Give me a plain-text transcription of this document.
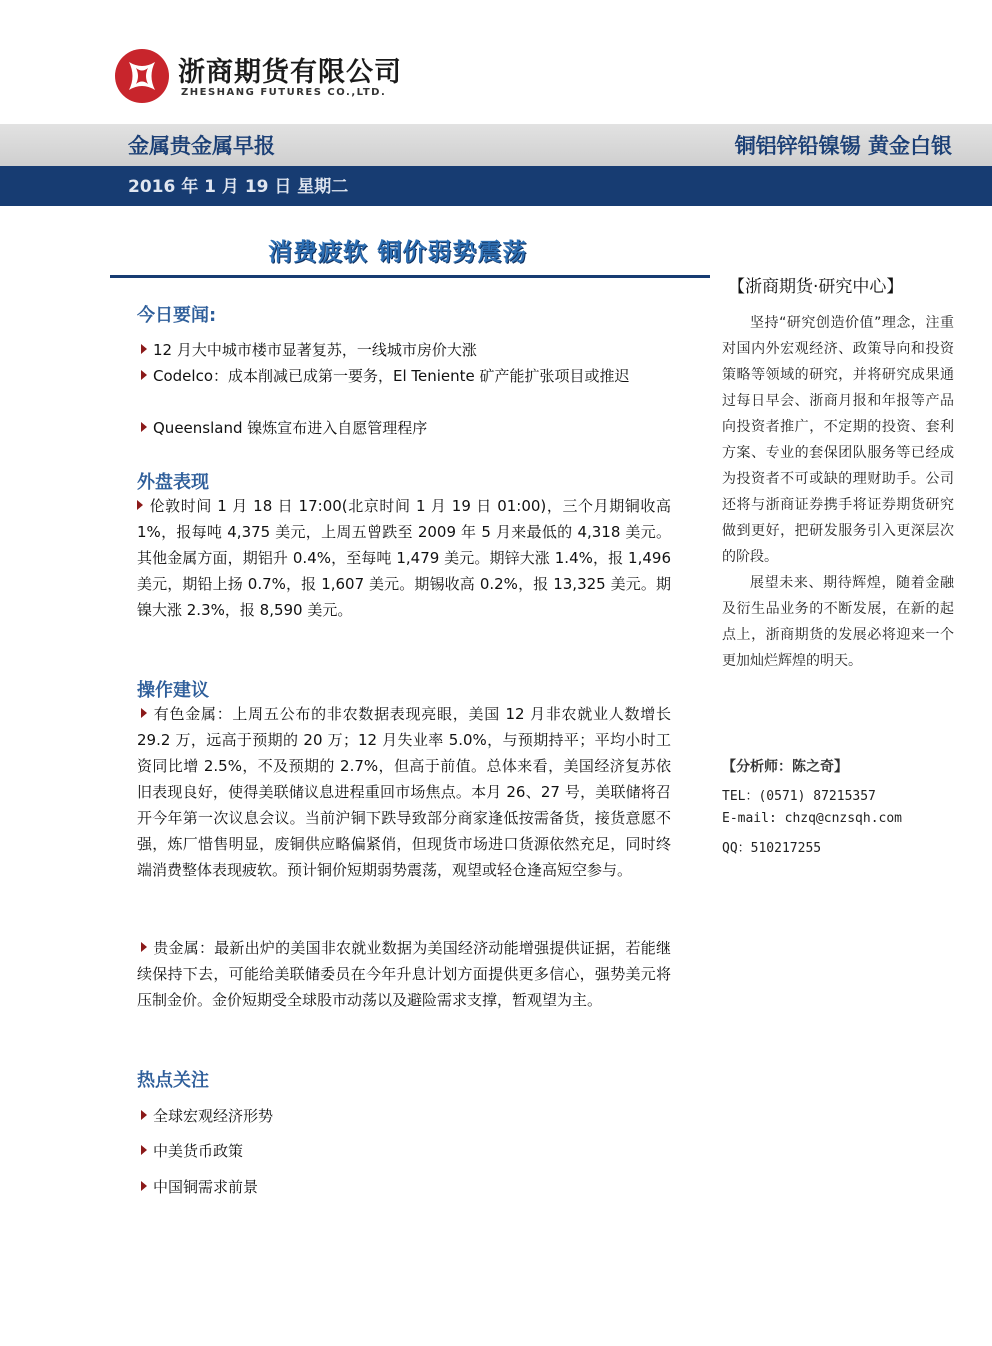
浙商期货有限公司
ZHESHANG FUTURES CO.,LTD.
金属贵金属早报	铜铝锌铅镍锡 黄金白银
2016 年 1 月 19 日 星期二
消费疲软 铜价弱势震荡
今日要闻:
12 月大中城市楼市显著复苏，一线城市房价大涨
Codelco：成本削减已成第一要务，El Teniente 矿产能扩张项目或推迟
Queensland 镍炼宣布进入自愿管理程序
外盘表现
伦敦时间 1 月 18 日 17:00(北京时间 1 月 19 日 01:00)，三个月期铜收高 1%，报每吨 4,375 美元，上周五曾跌至 2009 年 5 月来最低的 4,318 美元。其他金属方面，期铝升 0.4%，至每吨 1,479 美元。期锌大涨 1.4%，报 1,496 美元，期铅上扬 0.7%，报 1,607 美元。期锡收高 0.2%，报 13,325 美元。期镍大涨 2.3%，报 8,590 美元。
操作建议
有色金属：上周五公布的非农数据表现亮眼，美国 12 月非农就业人数增长 29.2 万，远高于预期的 20 万；12 月失业率 5.0%，与预期持平；平均小时工资同比增 2.5%，不及预期的 2.7%，但高于前值。总体来看，美国经济复苏依旧表现良好，使得美联储议息进程重回市场焦点。本月 26、27 号，美联储将召开今年第一次议息会议。当前沪铜下跌导致部分商家逢低按需备货，接货意愿不强，炼厂惜售明显，废铜供应略偏紧俏，但现货市场进口货源依然充足，同时终端消费整体表现疲软。预计铜价短期弱势震荡，观望或轻仓逢高短空参与。
贵金属：最新出炉的美国非农就业数据为美国经济动能增强提供证据，若能继续保持下去，可能给美联储委员在今年升息计划方面提供更多信心，强势美元将压制金价。金价短期受全球股市动荡以及避险需求支撑，暂观望为主。
热点关注
全球宏观经济形势
中美货币政策
中国铜需求前景
【浙商期货·研究中心】

坚持“研究创造价值”理念，注重对国内外宏观经济、政策导向和投资策略等领域的研究，并将研究成果通过每日早会、浙商月报和年报等产品向投资者推广，不定期的投资、套利方案、专业的套保团队服务等已经成为投资者不可或缺的理财助手。公司还将与浙商证券携手将证券期货研究做到更好，把研发服务引入更深层次的阶段。

展望未来、期待辉煌，随着金融及衍生品业务的不断发展，在新的起点上，浙商期货的发展必将迎来一个更加灿烂辉煌的明天。

【分析师：陈之奇】
TEL：(0571) 87215357
E-mail: chzq@cnzsqh.com
QQ：510217255
